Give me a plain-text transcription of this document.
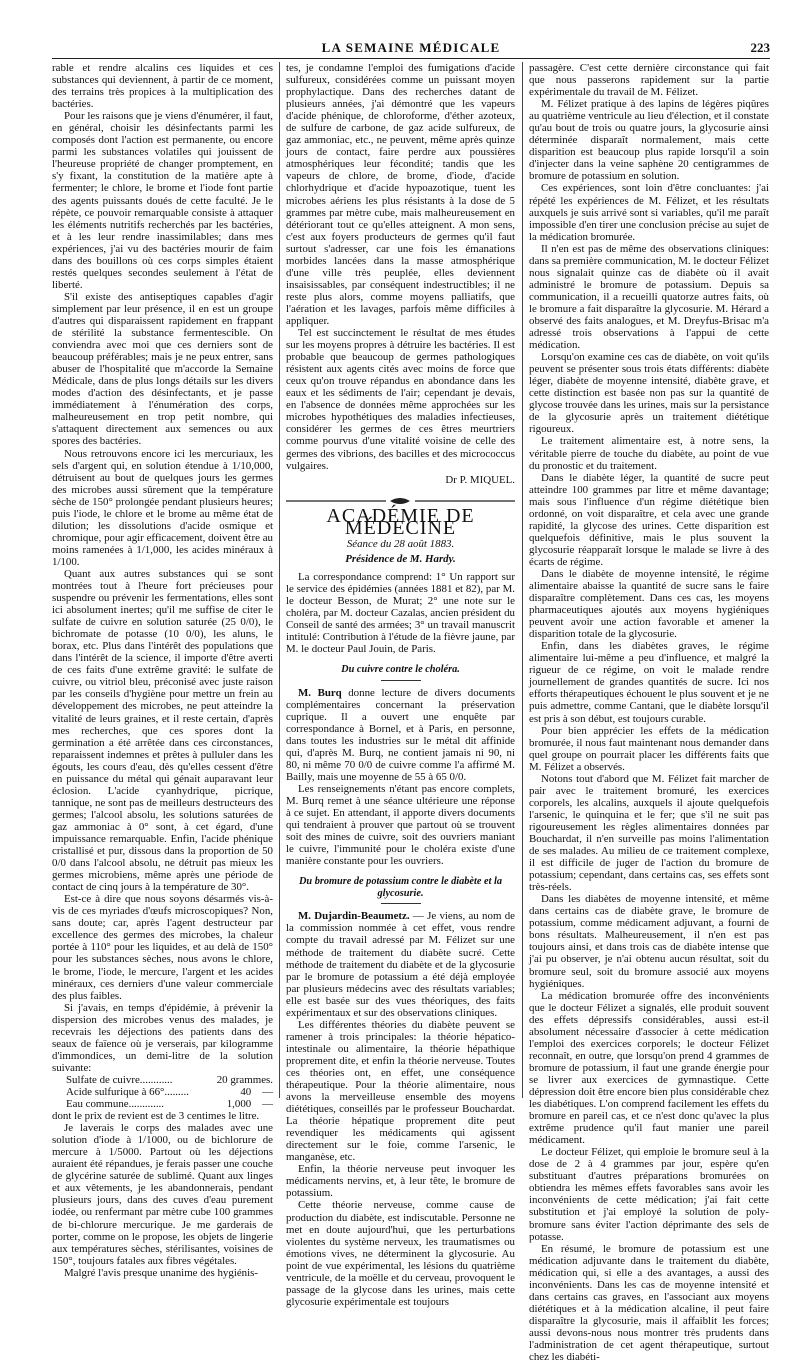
LA SEMAINE MÉDICALE	223

rable et rendre alcalins ces liquides et ces substances qui deviennent, à partir de ce moment, des terrains très propices à la multiplication des bactéries.

Pour les raisons que je viens d'énumérer, il faut, en général, choisir les désinfectants parmi les composés dont l'action est permanente, ou encore parmi les substances volatiles qui jouissent de l'heureuse propriété de changer promptement, en s'y fixant, la constitution de la matière apte à fermenter; le chlore, le brome et l'iode font partie des agents puissants doués de cette faculté. Je le répète, ce pouvoir remarquable consiste à attaquer les éléments nutritifs recherchés par les bactéries, et à les leur rendre inassimilables; dans mes expériences, j'ai vu des bactéries mourir de faim dans des bouillons où ces corps simples étaient restés quelques secondes seulement à l'état de liberté.

S'il existe des antiseptiques capables d'agir simplement par leur présence, il en est un groupe d'autres qui disparaissent rapidement en frappant de stérilité la substance fermentescible. On conviendra avec moi que ces derniers sont de beaucoup préférables; mais je ne peux entrer, sans abuser de l'hospitalité que m'accorde la Semaine Médicale, dans de plus longs détails sur les divers modes d'action des désinfectants, et je passe immédiatement à l'énumération des corps, malheureusement en trop petit nombre, qui s'attaquent directement aux semences ou aux spores des bactéries.

Nous retrouvons encore ici les mercuriaux, les sels d'argent qui, en solution étendue à 1/10,000, détruisent au bout de quelques jours les germes des microbes aussi sûrement que la température sèche de 150° prolongée pendant plusieurs heures; puis l'iode, le chlore et le brome au même état de dilution; les dissolutions d'acide osmique et chromique, pour agir efficacement, doivent être au moins ramenées à 1/1,000, les acides minéraux à 1/100.

Quant aux autres substances qui se sont montrées tout à l'heure fort précieuses pour suspendre ou prévenir les fermentations, elles sont ici absolument inertes; qu'il me suffise de citer le sulfate de cuivre en solution saturée (25 0/0), le bichromate de potasse (10 0/0), les aluns, le borax, etc. Plus dans l'intérêt des populations que dans l'intérêt de la science, il importe d'être averti de ces faits d'une extrême gravité: le sulfate de cuivre, ou vitriol bleu, préconisé avec juste raison par les conseils d'hygiène pour mettre un frein au développement des microbes, ne peut atteindre la vitalité de leurs graines, et il reste certain, d'après mes recherches, que ces spores dont la germination a été arrêtée dans ces circonstances, reparaissent indemnes et prêtes à pulluler dans les égouts, les cours d'eau, dès qu'elles cessent d'être en puissance du métal qui génait auparavant leur éclosion. L'acide cyanhydrique, picrique, tannique, ne sont pas de meilleurs destructeurs des germes; l'alcool absolu, les solutions saturées de gaz ammoniac à 0° sont, à cet égard, d'une impuissance remarquable. Enfin, l'acide phénique cristallisé et pur, dissous dans la proportion de 50 0/0 dans l'alcool absolu, ne détruit pas mieux les germes microbiens, même après une période de contact de cinq jours à la température de 30°.

Est-ce à dire que nous soyons désarmés vis-à-vis de ces myriades d'œufs microscopiques? Non, sans doute; car, après l'agent destructeur par excellence des germes des microbes, la chaleur portée à 110° pour les liquides, et au delà de 150° pour les substances sèches, nous avons le chlore, le brome, l'iode, le mercure, l'argent et les acides minéraux, ces derniers d'une valeur commerciale des plus faibles.

Si j'avais, en temps d'épidémie, à prévenir la dispersion des microbes venus des malades, je recevrais les déjections des patients dans des seaux de faïence où je verserais, par kilogramme d'immondices, un demi-litre de la solution suivante:

Sulfate de cuivre............	20 grammes.
Acide sulfurique à 66°.........	40    —
Eau commune.............	1,000    —

dont le prix de revient est de 3 centimes le litre.

Je laverais le corps des malades avec une solution d'iode à 1/1000, ou de bichlorure de mercure à 1/5000. Partout où les déjections auraient été répandues, je ferais passer une couche de glycérine saturée de sublimé. Quant aux linges et aux vêtements, je les abandonnerais, pendant plusieurs jours, dans des cuves d'eau purement iodée, ou renfermant par mètre cube 100 grammes de bi-chlorure mercurique. Je me garderais de porter, comme on le propose, les objets de lingerie aux températures sèches, stérilisantes, voisines de 150°, toujours fatales aux fibres végétales.

Malgré l'avis presque unanime des hygiénis-

tes, je condamne l'emploi des fumigations d'acide sulfureux, considérées comme un puissant moyen prophylactique. Dans des recherches datant de plusieurs années, j'ai démontré que les vapeurs d'acide phénique, de chloroforme, d'éther azoteux, de sulfure de carbone, de gaz acide sulfureux, de gaz ammoniac, etc., ne peuvent, même après quinze jours de contact, faire perdre aux poussières atmosphériques leur fécondité; tandis que les vapeurs de chlore, de brome, d'iode, d'acide chlorhydrique et d'acide hypoazotique, tuent les microbes aériens les plus résistants à la dose de 5 grammes par mètre cube, mais malheureusement en détériorant tout ce qu'elles atteignent. A mon sens, c'est aux foyers producteurs de germes qu'il faut surtout s'adresser, car une fois les émanations morbides lancées dans la masse atmosphérique d'une ville très peuplée, elles deviennent insaisissables, par conséquent indestructibles; il ne reste plus alors, comme moyens palliatifs, que l'aération et les lavages, parfois même difficiles à appliquer.

Tel est succinctement le résultat de mes études sur les moyens propres à détruire les bactéries. Il est probable que beaucoup de germes pathologiques résistent aux agents cités avec moins de force que ceux qu'on trouve répandus en abondance dans les eaux et les sédiments de l'air; cependant je devais, en l'absence de données même approchées sur les microbes hypothétiques des maladies infectieuses, considérer les germes de ces êtres meurtriers comme pourvus d'une vitalité voisine de celle des germes des vibrions, des bacilles et des micrococcus vulgaires.

Dr P. MIQUEL.
ACADÉMIE DE MÉDECINE
Séance du 28 août 1883.
Présidence de M. Hardy.

La correspondance comprend: 1° Un rapport sur le service des épidémies (années 1881 et 82), par M. le docteur Besson, de Murat; 2° une note sur le choléra, par M. docteur Cazalas, ancien président du Conseil de santé des armées; 3° un travail manuscrit intitulé: Contribution à l'étude de la fièvre jaune, par M. le docteur Paul Jouin, de Paris.

Du cuivre contre le choléra.

M. Burq donne lecture de divers documents complémentaires concernant la préservation cuprique. Il a ouvert une enquête par correspondance à Bornel, et à Paris, en personne, dans toutes les industries sur le métal dit affinide qui, d'après M. Burq, ne contient jamais ni 90, ni 80, ni même 70 0/0 de cuivre comme l'a affirmé M. Bailly, mais une moyenne de 55 à 65 0/0.

Les renseignements n'étant pas encore complets, M. Burq remet à une séance ultérieure une réponse à ce sujet. En attendant, il apporte divers documents qui tendraient à prouver que partout où se trouvent soit des mines de cuivre, soit des ouvriers maniant le cuivre, l'immunité pour le choléra existe d'une manière constante pour les ouvriers.

Du bromure de potassium contre le diabète et la glycosurie.

M. Dujardin-Beaumetz. — Je viens, au nom de la commission nommée à cet effet, vous rendre compte du travail adressé par M. Félizet sur une méthode de traitement du diabète sucré. Cette méthode de traitement du diabète et de la glycosurie par le bromure de potassium a été déjà employée par plusieurs médecins avec des résultats variables; elle est basée sur des vues théoriques, des faits expérimentaux et sur des observations cliniques.

Les différentes théories du diabète peuvent se ramener à trois principales: la théorie hépatico-intestinale ou alimentaire, la théorie hépathique proprement dite, et enfin la théorie nerveuse. Toutes ces théories ont, en effet, une conséquence thérapeutique. Pour la théorie alimentaire, nous avons la merveilleuse ensemble des moyens diététiques, conseillés par le professeur Bouchardat. La théorie hépatique proprement dite peut revendiquer les médicaments qui agissent directement sur le foie, comme l'arsenic, le manganèse, etc.

Enfin, la théorie nerveuse peut invoquer les médicaments nervins, et, à leur tête, le bromure de potassium.

Cette théorie nerveuse, comme cause de production du diabète, est indiscutable. Personne ne met en doute aujourd'hui, que les perturbations violentes du système nerveux, les traumatismes ou émotions vives, ne déterminent la glycosurie. Au point de vue expérimental, les lésions du quatrième ventricule, de la moëlle et du cerveau, provoquent le passage de la glycose dans les urines, mais cette glycosurie expérimentale est toujours

passagère. C'est cette dernière circonstance qui fait que nous passerons rapidement sur la partie expérimentale du travail de M. Félizet.

M. Félizet pratique à des lapins de légères piqûres au quatrième ventricule au lieu d'élection, et il constate qu'au bout de trois ou quatre jours, la glycosurie ainsi déterminée disparaît normalement, mais cette disparition est beaucoup plus rapide lorsqu'il a soin d'injecter dans la veine saphène 20 centigrammes de bromure de potassium en solution.

Ces expériences, sont loin d'être concluantes: j'ai répété les expériences de M. Félizet, et les résultats auxquels je suis arrivé sont si variables, qu'il me paraît impossible d'en tirer une conclusion précise au sujet de la médication bromurée.

Il n'en est pas de même des observations cliniques: dans sa première communication, M. le docteur Félizet nous signalait quinze cas de diabète où il avait administré le bromure de potassium. Depuis sa communication, il a recueilli quatorze autres faits, où le bromure a fait disparaître la glycosurie. M. Hérard a observé des faits analogues, et M. Dreyfus-Brisac m'a adressé trois observations à l'appui de cette médication.

Lorsqu'on examine ces cas de diabète, on voit qu'ils peuvent se présenter sous trois états différents: diabète léger, diabète de moyenne intensité, diabète grave, et cette distinction est basée non pas sur la quantité de glycose trouvée dans les urines, mais sur la persistance de la glycosurie après un traitement diététique rigoureux.

Le traitement alimentaire est, à notre sens, la véritable pierre de touche du diabète, au point de vue du pronostic et du traitement.

Dans le diabète léger, la quantité de sucre peut atteindre 100 grammes par litre et même davantage; mais sous l'influence d'un régime diététique bien ordonné, on voit disparaître, et cela avec une grande rapidité, la glycose des urines. Cette disparition est quelquefois définitive, mais le plus souvent la glycosurie réapparaît lorsque le malade se livre à des écarts de régime.

Dans le diabète de moyenne intensité, le régime alimentaire abaisse la quantité de sucre sans le faire disparaître complètement. Dans ces cas, les moyens pharmaceutiques ajoutés aux moyens hygiéniques peuvent avoir une action favorable et amener la disparition totale de la glycosurie.

Enfin, dans les diabètes graves, le régime alimentaire lui-même a peu d'influence, et malgré la rigueur de ce régime, on voit le malade rendre journellement de grandes quantités de sucre. Ici nos efforts thérapeutiques échouent le plus souvent et je ne puis admettre, comme Cantani, que le diabète lorsqu'il est pris à son début, est toujours curable.

Pour bien apprécier les effets de la médication bromurée, il nous faut maintenant nous demander dans quel groupe on pourrait placer les différents faits que M. Félizet a observés.

Notons tout d'abord que M. Félizet fait marcher de pair avec le traitement bromuré, les exercices corporels, les alcalins, auxquels il ajoute quelquefois l'arsenic, le quinquina et le fer; que s'il ne suit pas rigoureusement les règles alimentaires données par Bouchardat, il n'en surveille pas moins l'alimentation de ses malades. Au milieu de ce traitement complexe, il est difficile de juger de l'action du bromure de potassium; cependant, dans certains cas, ses effets sont très-réels.

Dans les diabètes de moyenne intensité, et même dans certains cas de diabète grave, le bromure de potassium, comme médicament adjuvant, a fourni de bons résultats. Malheureusement, il n'en est pas toujours ainsi, et dans trois cas de diabète intense que j'ai pu observer, je n'ai obtenu aucun résultat, soit du bromure seul, soit du bromure associé aux moyens hygiéniques.

La médication bromurée offre des inconvénients que le docteur Félizet a signalés, elle produit souvent des effets dépressifs considérables, aussi est-il absolument nécessaire d'associer à cette médication l'emploi des exercices corporels; le docteur Félizet reconnaît, en outre, que lorsqu'on prend 4 grammes de bromure de potassium, il faut une grande énergie pour se livrer aux exercices de gymnastique. Cette dépression doit être encore bien plus considérable chez les diabétiques. L'on comprend facilement les effets du bromure en pareil cas, et ce n'est donc qu'avec la plus extrême prudence qu'il faut manier une pareil médicament.

Le docteur Félizet, qui emploie le bromure seul à la dose de 2 à 4 grammes par jour, espère qu'en substituant d'autres préparations bromurées on obtiendra les mêmes effets favorables sans avoir les inconvénients de cette médication; j'ai fait cette substitution et j'ai employé la solution de poly-bromure sans éviter l'action déprimante des sels de potasse.

En résumé, le bromure de potassium est une médication adjuvante dans le traitement du diabète, médication qui, si elle a des avantages, a aussi des inconvénients. Dans les cas de moyenne intensité et dans certains cas graves, en l'associant aux moyens diététiques et à la médication alcaline, il peut faire disparaître la glycosurie, mais il affaiblit les forces; aussi devons-nous nous montrer très prudents dans l'administration de cet agent thérapeutique, surtout chez les diabéti-
